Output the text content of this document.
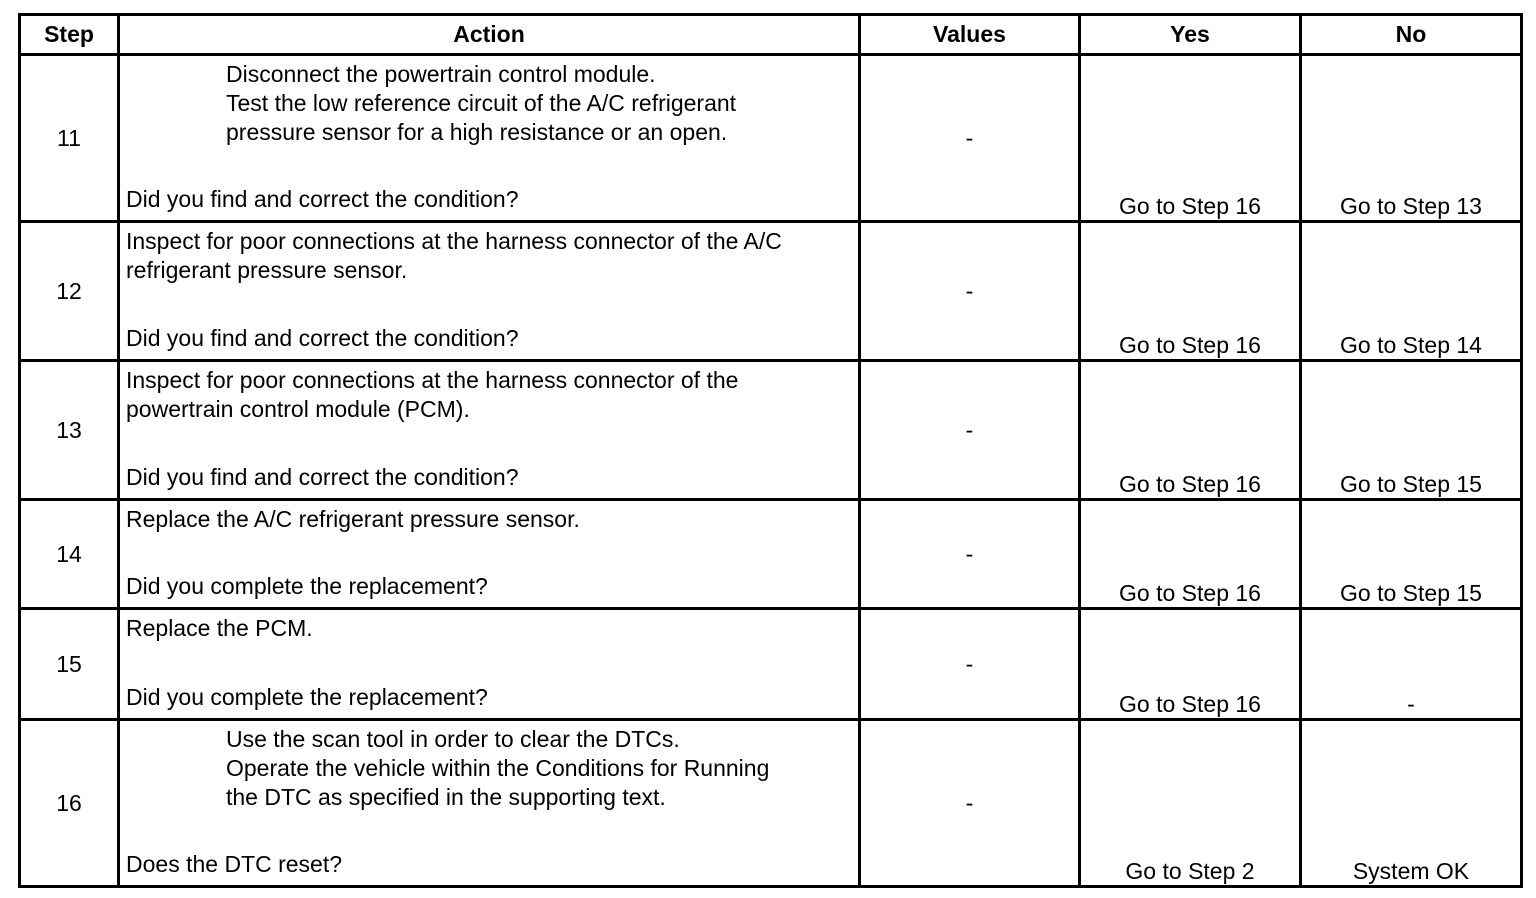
Step	Action	Values	Yes	No
11	Disconnect the powertrain control module.
Test the low reference circuit of the A/C refrigerant
pressure sensor for a high resistance or an open.
Did you find and correct the condition?	-	Go to Step 16	Go to Step 13
12	Inspect for poor connections at the harness connector of the A/C
refrigerant pressure sensor.
Did you find and correct the condition?	-	Go to Step 16	Go to Step 14
13	Inspect for poor connections at the harness connector of the
powertrain control module (PCM).
Did you find and correct the condition?	-	Go to Step 16	Go to Step 15
14	Replace the A/C refrigerant pressure sensor.
Did you complete the replacement?	-	Go to Step 16	Go to Step 15
15	Replace the PCM.
Did you complete the replacement?	-	Go to Step 16	-
16	Use the scan tool in order to clear the DTCs.
Operate the vehicle within the Conditions for Running
the DTC as specified in the supporting text.
Does the DTC reset?	-	Go to Step 2	System OK
